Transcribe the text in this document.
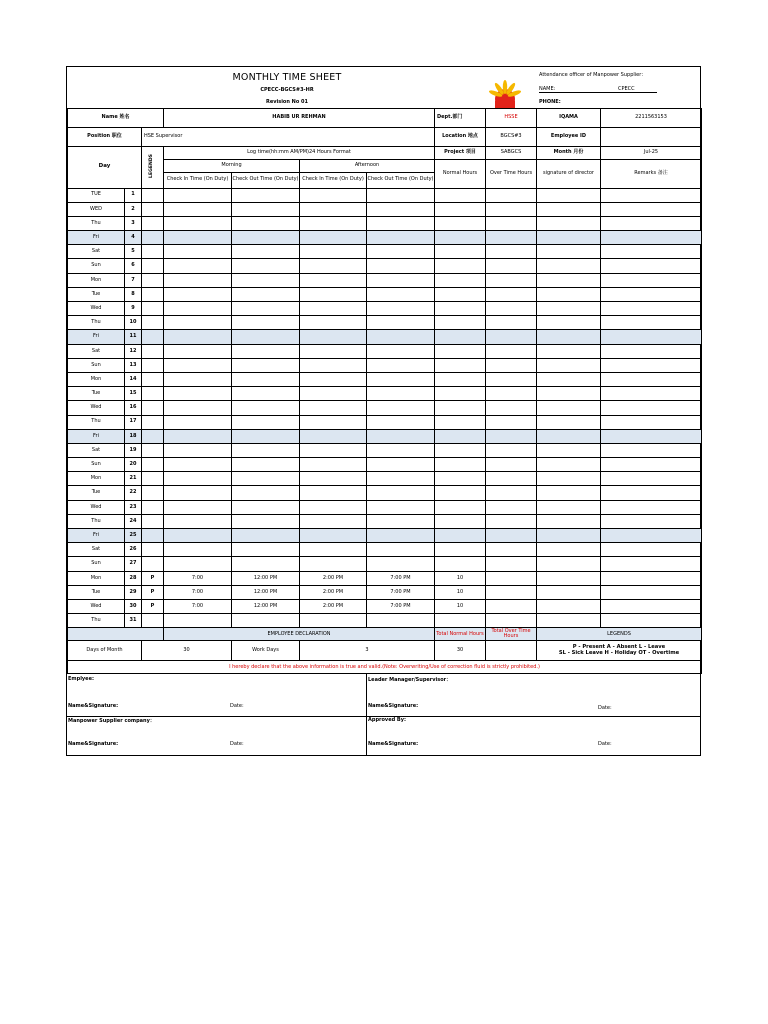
MONTHLY TIME SHEET
CPECC-BGCS#3-HR
Revision No 01
Attendance officer of Manpower Supplier：
NAME:	CPECC
PHONE:

Name 姓名			HABIB UR REHMAN				Dept.部门	HSSE	IQAMA	2211563153
Position 职位		HSE Supervisor					Location 地点	BGCS#3	Employee ID	
Day		LEGENDS	Log time(hh:mm AM/PM)24 Hours Format				Project 项目	SABGCS	Month 月份	Jul-25
			Morning		Afternoon		Normal Hours	Over Time Hours	signature of director	Remarks 备注
			Check In Time (On Duty)	Check Out Time (On Duty)	Check In Time (On Duty)	Check Out Time (On Duty)				
TUE	1									
WED	2									
Thu	3									
Fri	4									
Sat	5									
Sun	6									
Mon	7									
Tue	8									
Wed	9									
Thu	10									
Fri	11									
Sat	12									
Sun	13									
Mon	14									
Tue	15									
Wed	16									
Thu	17									
Fri	18									
Sat	19									
Sun	20									
Mon	21									
Tue	22									
Wed	23									
Thu	24									
Fri	25									
Sat	26									
Sun	27									
Mon	28	P	7:00	12:00 PM	2:00 PM	7:00 PM	10			
Tue	29	P	7:00	12:00 PM	2:00 PM	7:00 PM	10			
Wed	30	P	7:00	12:00 PM	2:00 PM	7:00 PM	10			
Thu	31									
			EMPLOYEE DECLARATION				Total Normal Hours	Total Over Time Hours	LEGENDS	
Days of Month		30		Work Days	3		30		P - Present A - Absent L - Leave
SL - Sick Leave H - Holiday OT - Overtime	

I hereby declare that the above information is true and valid.(Note: Overwriting/Use of correction fluid is strictly prohibited.)										
Emplyee:
Name&Signature:	Date:
Leader Manager/Supervisor：
Name&Signature:	Date:
Manpower Supplier company：
Name&Signature:	Date:
Approved By:
Name&Signature:	Date:
